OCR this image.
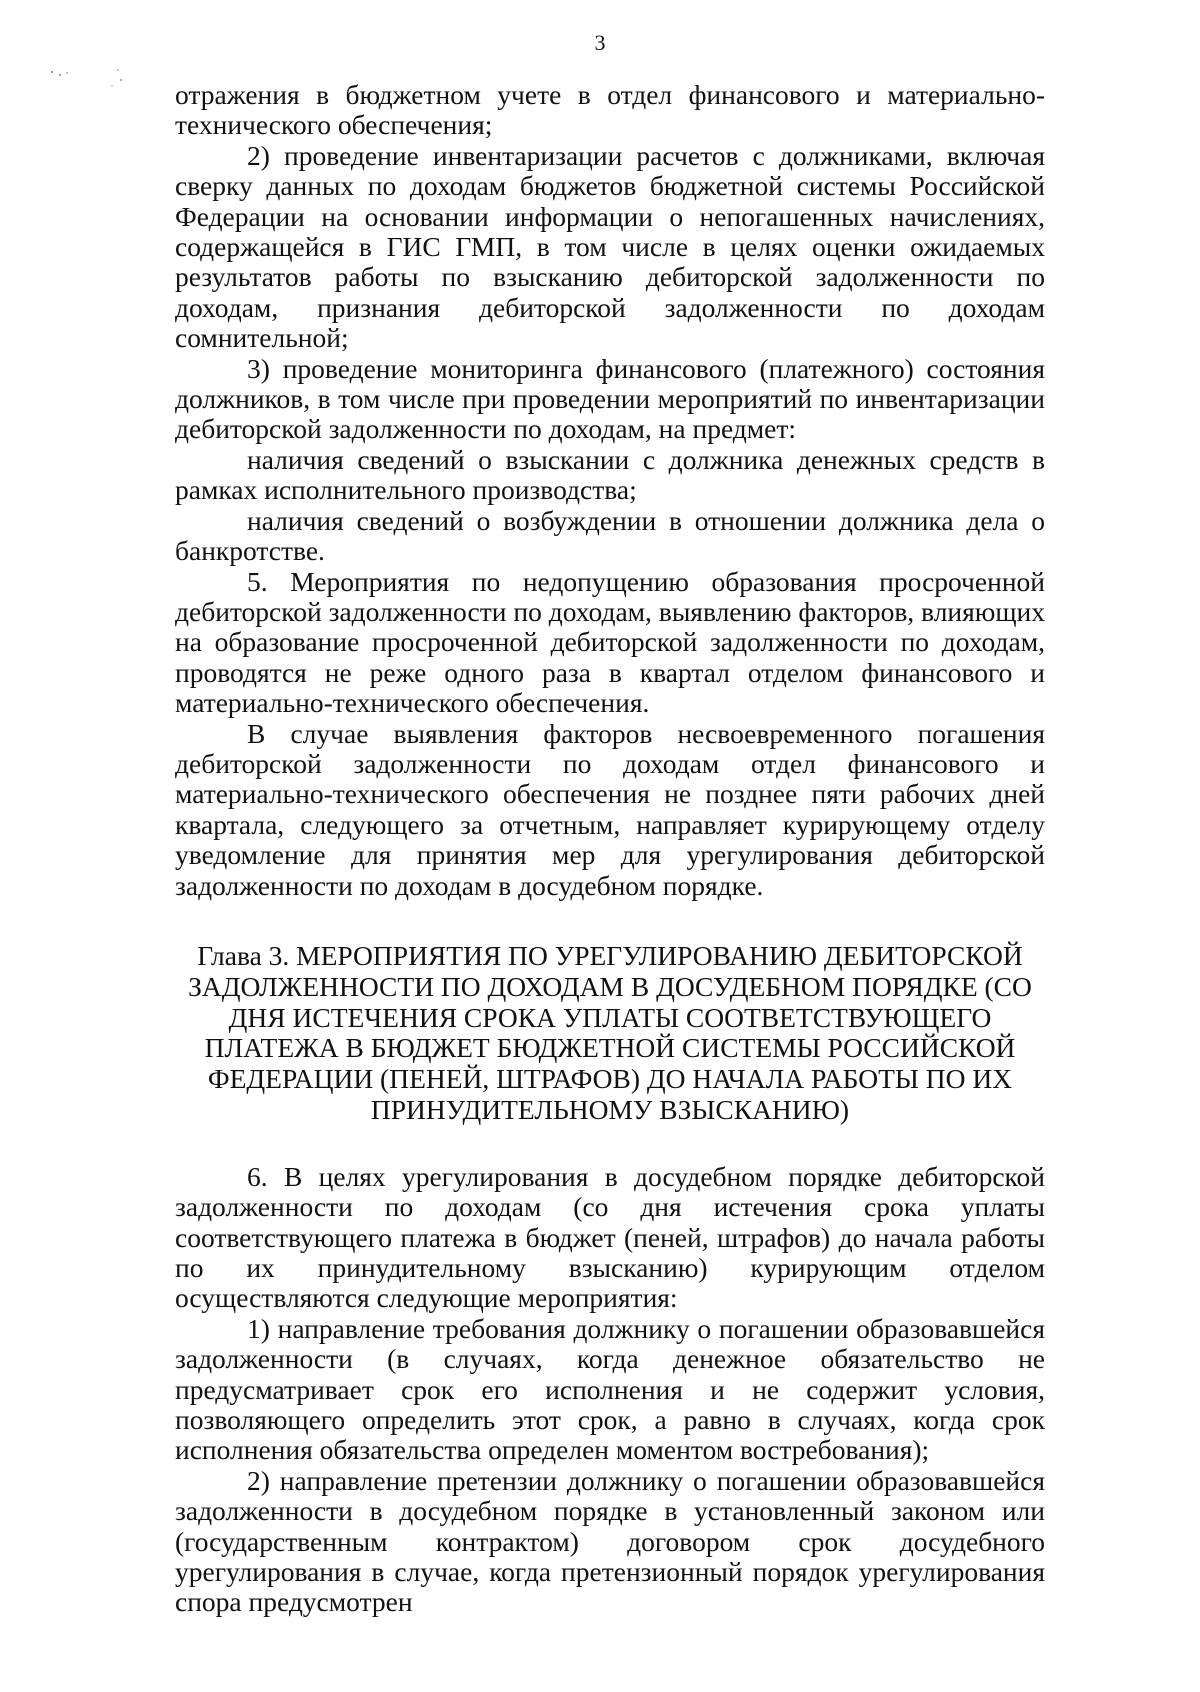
3

отражения в бюджетном учете в отдел финансового и материально-технического обеспечения;

2) проведение инвентаризации расчетов с должниками, включая сверку данных по доходам бюджетов бюджетной системы Российской Федерации на основании информации о непогашенных начислениях, содержащейся в ГИС ГМП, в том числе в целях оценки ожидаемых результатов работы по взысканию дебиторской задолженности по доходам, признания дебиторской задолженности по доходам сомнительной;

3) проведение мониторинга финансового (платежного) состояния должников, в том числе при проведении мероприятий по инвентаризации дебиторской задолженности по доходам, на предмет:

наличия сведений о взыскании с должника денежных средств в рамках исполнительного производства;

наличия сведений о возбуждении в отношении должника дела о банкротстве.

5. Мероприятия по недопущению образования просроченной дебиторской задолженности по доходам, выявлению факторов, влияющих на образование просроченной дебиторской задолженности по доходам, проводятся не реже одного раза в квартал отделом финансового и материально-технического обеспечения.

В случае выявления факторов несвоевременного погашения дебиторской задолженности по доходам отдел финансового и материально-технического обеспечения не позднее пяти рабочих дней квартала, следующего за отчетным, направляет курирующему отделу уведомление для принятия мер для урегулирования дебиторской задолженности по доходам в досудебном порядке.

Глава 3. МЕРОПРИЯТИЯ ПО УРЕГУЛИРОВАНИЮ ДЕБИТОРСКОЙ ЗАДОЛЖЕННОСТИ ПО ДОХОДАМ В ДОСУДЕБНОМ ПОРЯДКЕ (СО ДНЯ ИСТЕЧЕНИЯ СРОКА УПЛАТЫ СООТВЕТСТВУЮЩЕГО ПЛАТЕЖА В БЮДЖЕТ БЮДЖЕТНОЙ СИСТЕМЫ РОССИЙСКОЙ ФЕДЕРАЦИИ (ПЕНЕЙ, ШТРАФОВ) ДО НАЧАЛА РАБОТЫ ПО ИХ ПРИНУДИТЕЛЬНОМУ ВЗЫСКАНИЮ)

6. В целях урегулирования в досудебном порядке дебиторской задолженности по доходам (со дня истечения срока уплаты соответствующего платежа в бюджет (пеней, штрафов) до начала работы по их принудительному взысканию) курирующим отделом осуществляются следующие мероприятия:

1) направление требования должнику о погашении образовавшейся задолженности (в случаях, когда денежное обязательство не предусматривает срок его исполнения и не содержит условия, позволяющего определить этот срок, а равно в случаях, когда срок исполнения обязательства определен моментом востребования);

2) направление претензии должнику о погашении образовавшейся задолженности в досудебном порядке в установленный законом или (государственным контрактом) договором срок досудебного урегулирования в случае, когда претензионный порядок урегулирования спора предусмотрен
